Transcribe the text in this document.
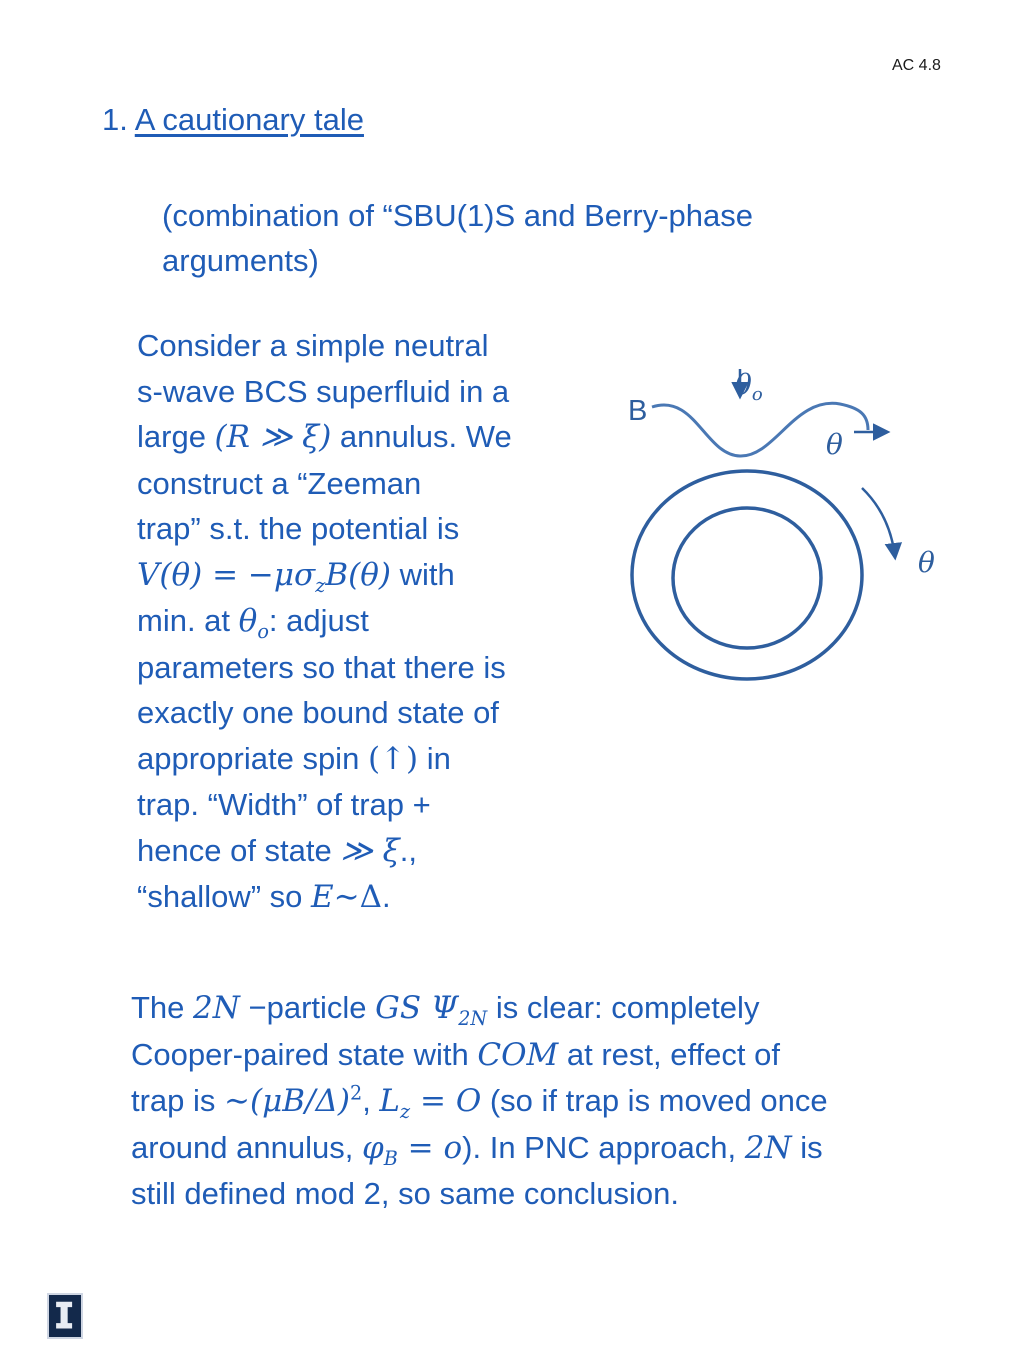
AC 4.8
1. A cautionary tale
(combination of “SBU(1)S and Berry-phase
arguments)
Consider a simple neutral
s-wave BCS superfluid in a
large (R ≫ ξ) annulus. We
construct a “Zeeman
trap” s.t. the potential is
$V(\theta) = -\mu\sigma_zB(\theta)$ with
min. at $\theta_o$: adjust
parameters so that there is
exactly one bound state of
appropriate spin (↑) in
trap. “Width” of trap +
hence of state ≫ ξ.,
“shallow” so E∼Δ.
B
$\theta_o$
θ
θ
The 2N −particle GS $\Psi_{2N}$ is clear: completely
Cooper-paired state with COM at rest, effect of
trap is $\sim(\mu B/\Delta)^2$, $L_z = O$ (so if trap is moved once
around annulus, $\varphi_B = o$). In PNC approach, 2N is
still defined mod 2, so same conclusion.
